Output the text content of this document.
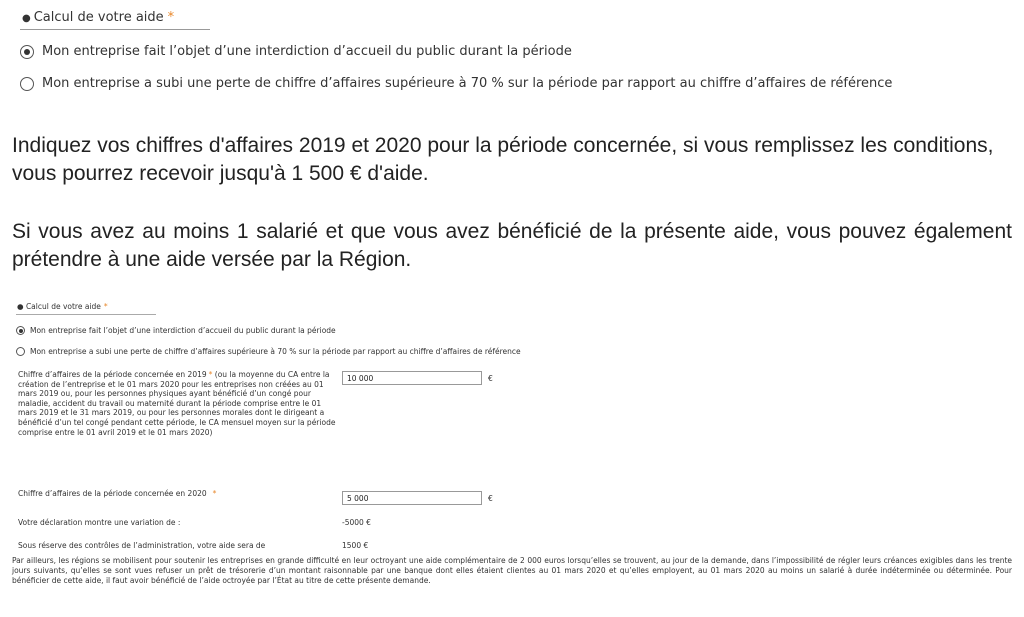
● Calcul de votre aide *
Mon entreprise fait l’objet d’une interdiction d’accueil du public durant la période
Mon entreprise a subi une perte de chiffre d’affaires supérieure à 70 % sur la période par rapport au chiffre d’affaires de référence
Indiquez vos chiffres d'affaires 2019 et 2020 pour la période concernée, si vous remplissez les conditions, vous pourrez recevoir jusqu'à 1 500 € d'aide.
Si vous avez au moins 1 salarié et que vous avez bénéficié de la présente aide, vous pouvez également prétendre à une aide versée par la Région.
● Calcul de votre aide *
Mon entreprise fait l’objet d’une interdiction d’accueil du public durant la période
Mon entreprise a subi une perte de chiffre d’affaires supérieure à 70 % sur la période par rapport au chiffre d’affaires de référence
Chiffre d’affaires de la période concernée en 2019 * (ou la moyenne du CA entre la création de l’entreprise et le 01 mars 2020 pour les entreprises non créées au 01 mars 2019 ou, pour les personnes physiques ayant bénéficié d’un congé pour maladie, accident du travail ou maternité durant la période comprise entre le 01 mars 2019 et le 31 mars 2019, ou pour les personnes morales dont le dirigeant a bénéficié d’un tel congé pendant cette période, le CA mensuel moyen sur la période comprise entre le 01 avril 2019 et le 01 mars 2020)
10 000
€
Chiffre d’affaires de la période concernée en 2020 *
5 000
€
Votre déclaration montre une variation de :	-5000 €
Sous réserve des contrôles de l’administration, votre aide sera de	1500 €
Par ailleurs, les régions se mobilisent pour soutenir les entreprises en grande difficulté en leur octroyant une aide complémentaire de 2 000 euros lorsqu’elles se trouvent, au jour de la demande, dans l’impossibilité de régler leurs créances exigibles dans les trente jours suivants, qu’elles se sont vues refuser un prêt de trésorerie d’un montant raisonnable par une banque dont elles étaient clientes au 01 mars 2020 et qu’elles employent, au 01 mars 2020 au moins un salarié à durée indéterminée ou déterminée. Pour bénéficier de cette aide, il faut avoir bénéficié de l’aide octroyée par l’État au titre de cette présente demande.
